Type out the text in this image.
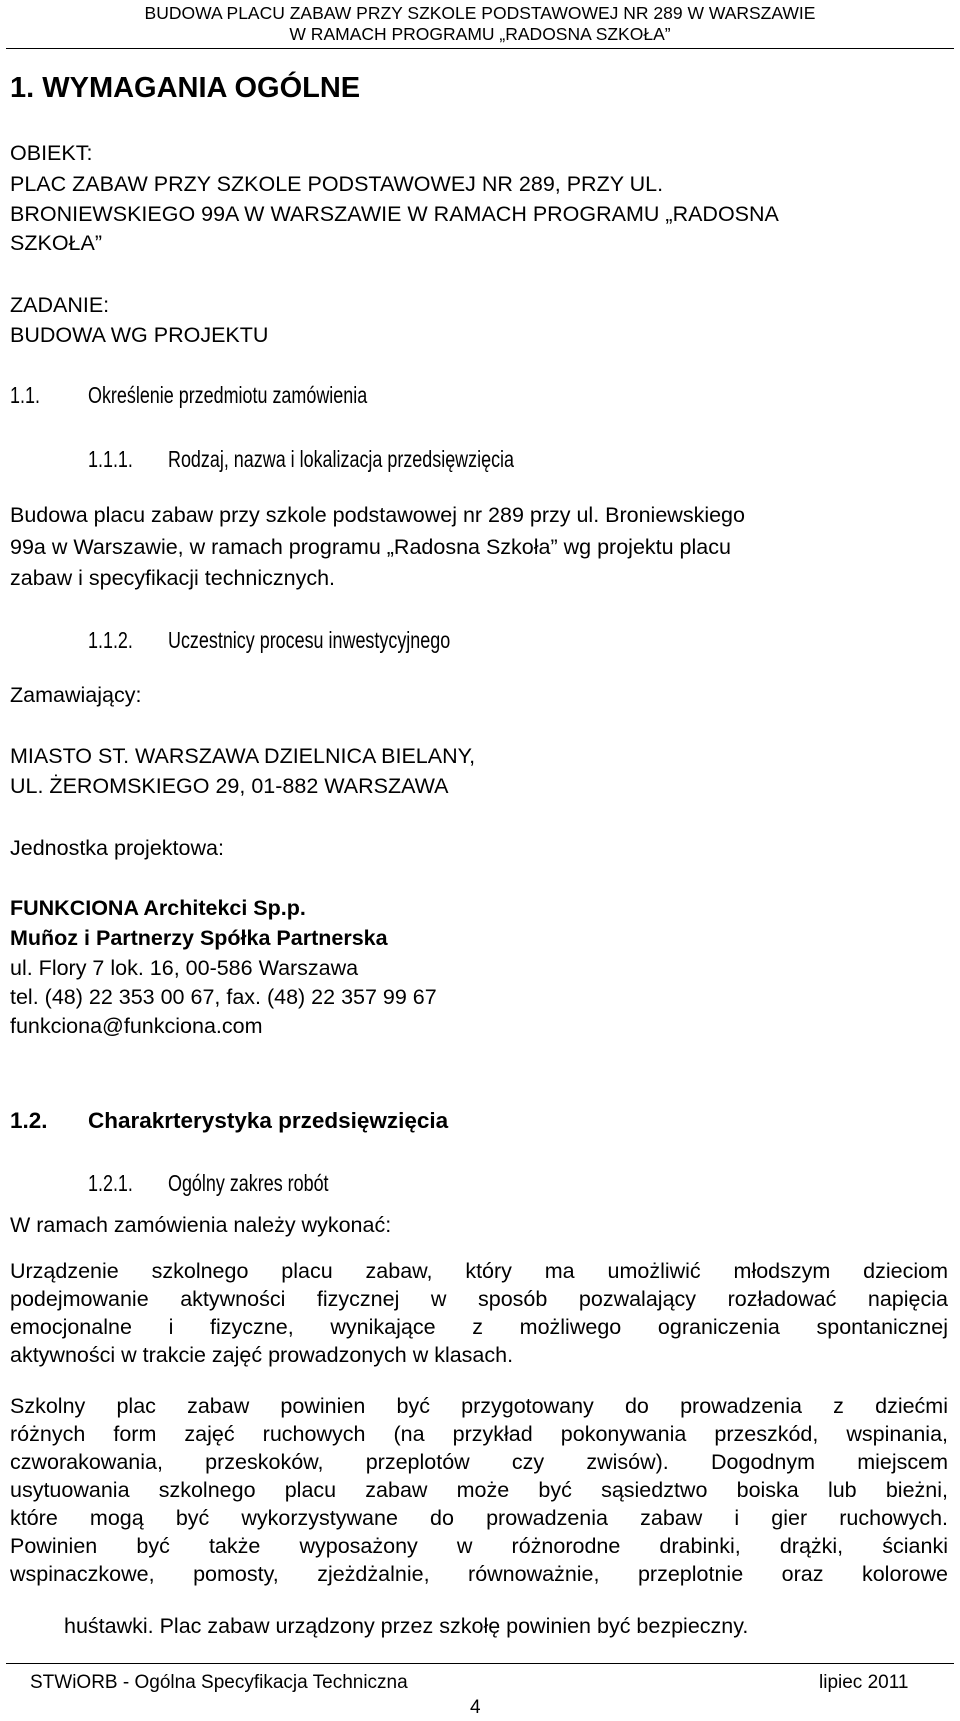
BUDOWA PLACU ZABAW PRZY SZKOLE PODSTAWOWEJ NR 289 W WARSZAWIE
W RAMACH PROGRAMU „RADOSNA SZKOŁA”
1. WYMAGANIA OGÓLNE
OBIEKT:
PLAC ZABAW PRZY SZKOLE PODSTAWOWEJ NR 289, PRZY UL.
BRONIEWSKIEGO 99A W WARSZAWIE W RAMACH PROGRAMU „RADOSNA
SZKOŁA”
ZADANIE:
BUDOWA WG PROJEKTU
1.1. Określenie przedmiotu zamówienia
1.1.1. Rodzaj, nazwa i lokalizacja przedsięwzięcia
Budowa placu zabaw przy szkole podstawowej nr 289 przy ul. Broniewskiego
99a w Warszawie, w ramach programu „Radosna Szkoła” wg projektu placu
zabaw i specyfikacji technicznych.
1.1.2. Uczestnicy procesu inwestycyjnego
Zamawiający:
MIASTO ST. WARSZAWA DZIELNICA BIELANY,
UL. ŻEROMSKIEGO 29, 01-882 WARSZAWA
Jednostka projektowa:
FUNKCIONA Architekci Sp.p.
Muñoz i Partnerzy Spółka Partnerska
ul. Flory 7 lok. 16, 00-586 Warszawa
tel. (48) 22 353 00 67, fax. (48) 22 357 99 67
funkciona@funkciona.com
1.2. Charakrterystyka przedsięwzięcia
1.2.1. Ogólny zakres robót
W ramach zamówienia należy wykonać:
Urządzenie szkolnego placu zabaw, który ma umożliwić młodszym dzieciom
podejmowanie aktywności fizycznej w sposób pozwalający rozładować napięcia
emocjonalne i fizyczne, wynikające z możliwego ograniczenia spontanicznej
aktywności w trakcie zajęć prowadzonych w klasach.
Szkolny plac zabaw powinien być przygotowany do prowadzenia z dziećmi
różnych form zajęć ruchowych (na przykład pokonywania przeszkód, wspinania,
czworakowania, przeskoków, przeplotów czy zwisów). Dogodnym miejscem
usytuowania szkolnego placu zabaw może być sąsiedztwo boiska lub bieżni,
które mogą być wykorzystywane do prowadzenia zabaw i gier ruchowych.
Powinien być także wyposażony w różnorodne drabinki, drążki, ścianki
wspinaczkowe, pomosty, zjeżdżalnie, równoważnie, przeplotnie oraz kolorowe
huśtawki. Plac zabaw urządzony przez szkołę powinien być bezpieczny.
STWiORB - Ogólna Specyfikacja Techniczna	lipiec 2011
4
